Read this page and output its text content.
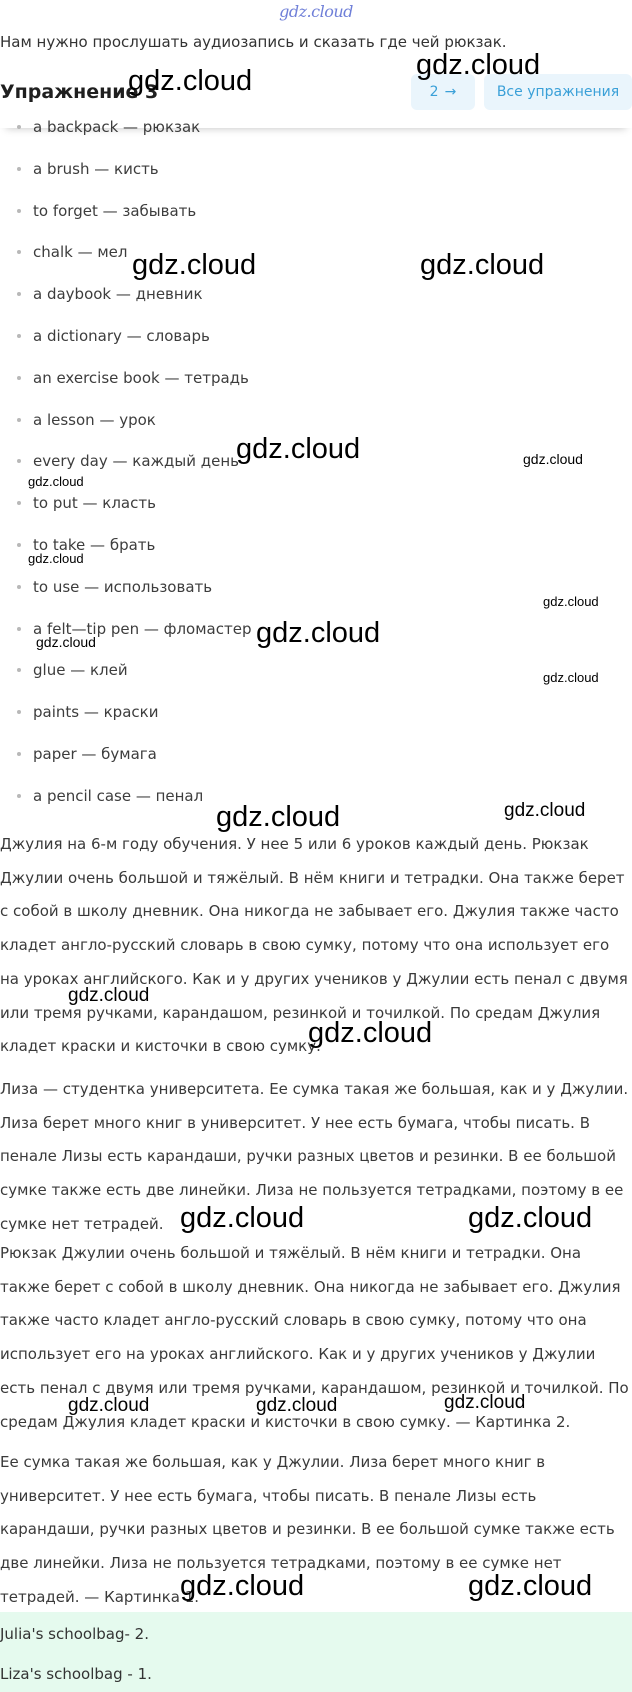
gdz.cloud
Нам нужно прослушать аудиозапись и сказать где чей рюкзак.
Упражнение 3	2 →	Все упражнения
a backpack — рюкзак
a brush — кисть
to forget — забывать
chalk — мел
a daybook — дневник
a dictionary — словарь
an exercise book — тетрадь
a lesson — урок
every day — каждый день
to put — класть
to take — брать
to use — использовать
a felt—tip pen — фломастер
glue — клей
paints — краски
paper — бумага
a pencil case — пенал

Джулия на 6-м году обучения. У нее 5 или 6 уроков каждый день. Рюкзак Джулии очень большой и тяжёлый. В нём книги и тетрадки. Она также берет с собой в школу дневник. Она никогда не забывает его. Джулия также часто кладет англо-русский словарь в свою сумку, потому что она использует его на уроках английского. Как и у других учеников у Джулии есть пенал с двумя или тремя ручками, карандашом, резинкой и точилкой. По средам Джулия кладет краски и кисточки в свою сумку.

Лиза — студентка университета. Ее сумка такая же большая, как и у Джулии. Лиза берет много книг в университет. У нее есть бумага, чтобы писать. В пенале Лизы есть карандаши, ручки разных цветов и резинки. В ее большой сумке также есть две линейки. Лиза не пользуется тетрадками, поэтому в ее сумке нет тетрадей.

Рюкзак Джулии очень большой и тяжёлый. В нём книги и тетрадки. Она также берет с собой в школу дневник. Она никогда не забывает его. Джулия также часто кладет англо-русский словарь в свою сумку, потому что она использует его на уроках английского. Как и у других учеников у Джулии есть пенал с двумя или тремя ручками, карандашом, резинкой и точилкой. По средам Джулия кладет краски и кисточки в свою сумку. — Картинка 2.

Ее сумка такая же большая, как у Джулии. Лиза берет много книг в университет. У нее есть бумага, чтобы писать. В пенале Лизы есть карандаши, ручки разных цветов и резинки. В ее большой сумке также есть две линейки. Лиза не пользуется тетрадками, поэтому в ее сумке нет тетрадей. — Картинка 1.

Julia's schoolbag- 2.
Liza's schoolbag - 1.
gdz.cloud
gdz.cloud
gdz.cloud	gdz.cloud
gdz.cloud	gdz.cloud
gdz.cloud
gdz.cloud
gdz.cloud
gdz.cloud
gdz.cloud
gdz.cloud
gdz.cloud	gdz.cloud
gdz.cloud
gdz.cloud
gdz.cloud	gdz.cloud
gdz.cloud
gdz.cloud	gdz.cloud
gdz.cloud	gdz.cloud
